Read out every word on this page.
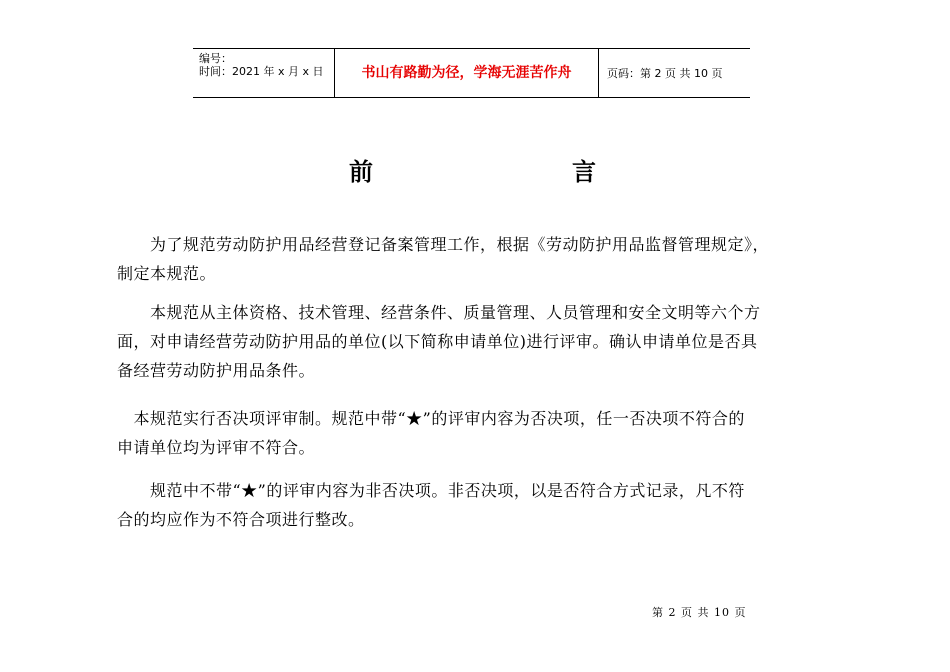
编号：
时间：2021 年 x 月 x 日	书山有路勤为径，学海无涯苦作舟	页码：第 2 页 共 10 页
前	言
　　为了规范劳动防护用品经营登记备案管理工作，根据《劳动防护用品监督管理规定》，
制定本规范。
　　本规范从主体资格、技术管理、经营条件、质量管理、人员管理和安全文明等六个方
面，对申请经营劳动防护用品的单位(以下简称申请单位)进行评审。确认申请单位是否具
备经营劳动防护用品条件。
　本规范实行否决项评审制。规范中带“★”的评审内容为否决项，任一否决项不符合的
申请单位均为评审不符合。
　　规范中不带“★”的评审内容为非否决项。非否决项，以是否符合方式记录，凡不符
合的均应作为不符合项进行整改。
第 2 页 共 10 页
